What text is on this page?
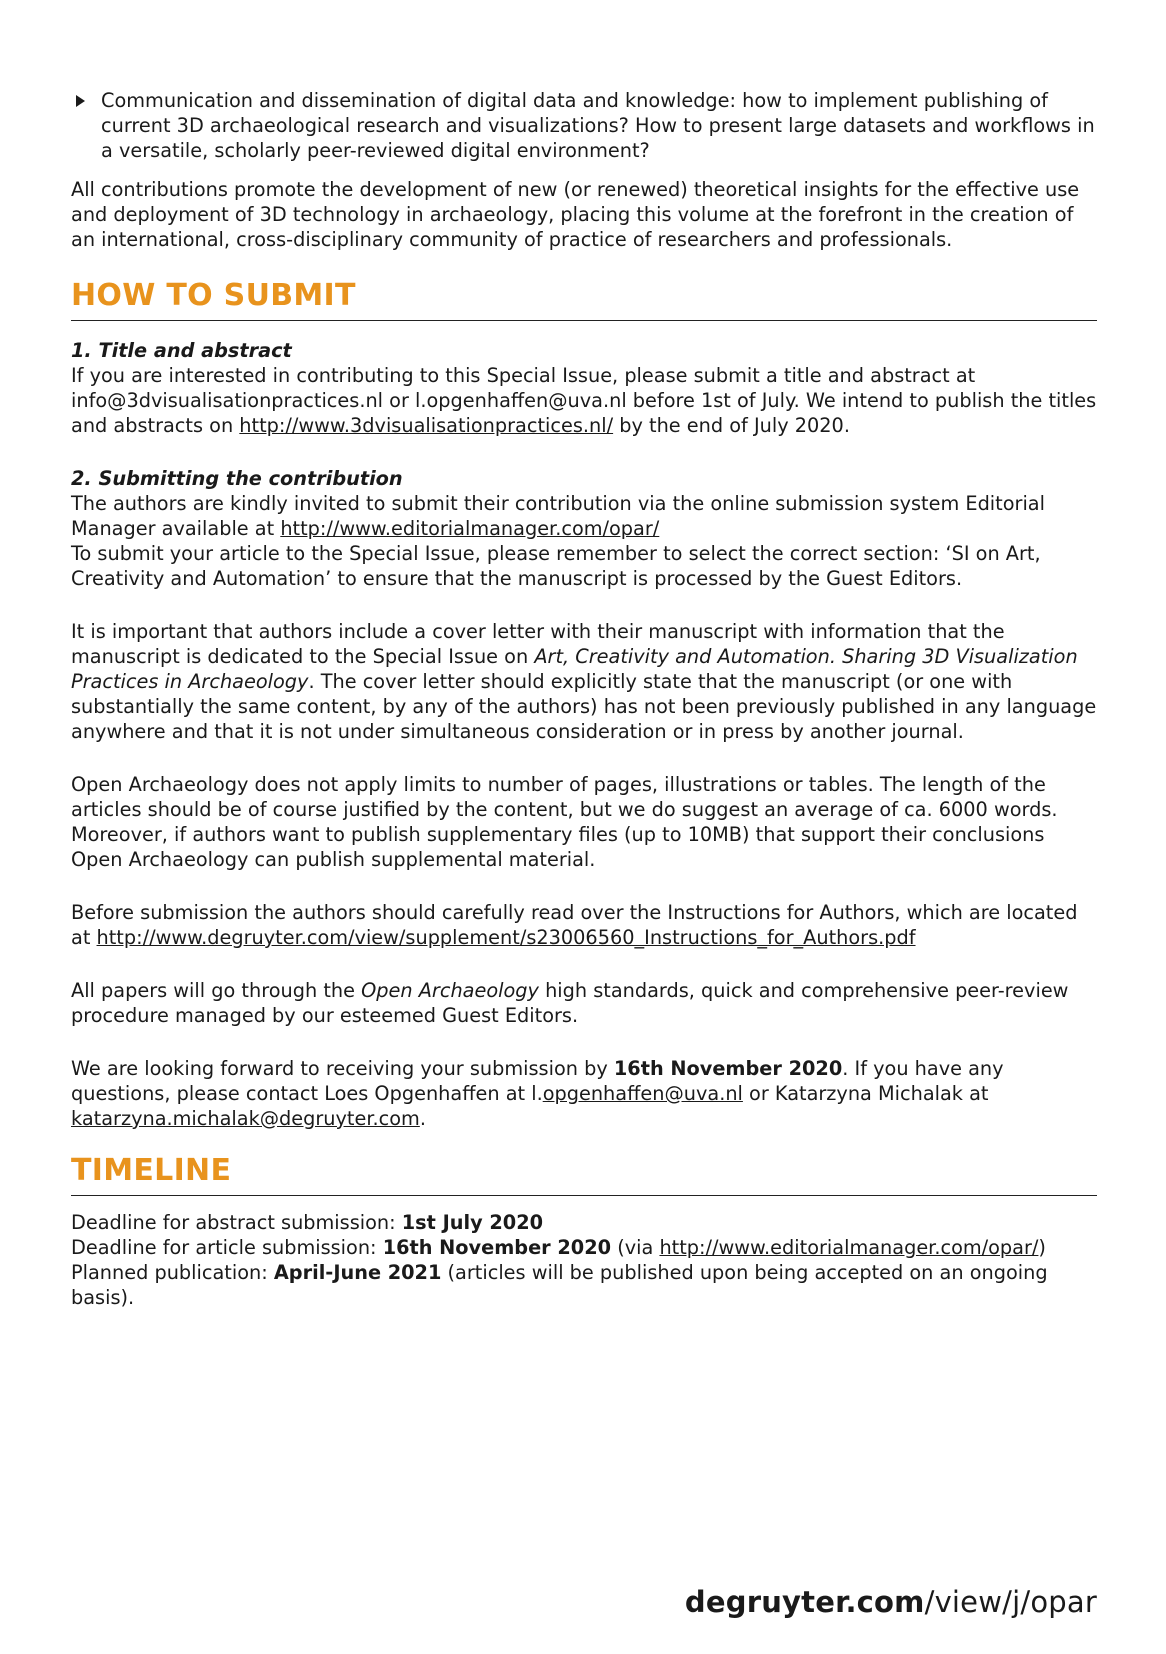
Communication and dissemination of digital data and knowledge: how to implement publishing of current 3D archaeological research and visualizations? How to present large datasets and workflows in a versatile, scholarly peer-reviewed digital environment?

All contributions promote the development of new (or renewed) theoretical insights for the effective use and deployment of 3D technology in archaeology, placing this volume at the forefront in the creation of an international, cross-disciplinary community of practice of researchers and professionals.

HOW TO SUBMIT

1. Title and abstract

If you are interested in contributing to this Special Issue, please submit a title and abstract at info@3dvisualisationpractices.nl or l.opgenhaffen@uva.nl before 1st of July. We intend to publish the titles and abstracts on http://www.3dvisualisationpractices.nl/ by the end of July 2020.

2. Submitting the contribution

The authors are kindly invited to submit their contribution via the online submission system Editorial Manager available at http://www.editorialmanager.com/opar/

To submit your article to the Special Issue, please remember to select the correct section: ‘SI on Art, Creativity and Automation’ to ensure that the manuscript is processed by the Guest Editors.

It is important that authors include a cover letter with their manuscript with information that the manuscript is dedicated to the Special Issue on Art, Creativity and Automation. Sharing 3D Visualization Practices in Archaeology. The cover letter should explicitly state that the manuscript (or one with substantially the same content, by any of the authors) has not been previously published in any language anywhere and that it is not under simultaneous consideration or in press by another journal.

Open Archaeology does not apply limits to number of pages, illustrations or tables. The length of the articles should be of course justified by the content, but we do suggest an average of ca. 6000 words. Moreover, if authors want to publish supplementary files (up to 10MB) that support their conclusions Open Archaeology can publish supplemental material.

Before submission the authors should carefully read over the Instructions for Authors, which are located at http://www.degruyter.com/view/supplement/s23006560_Instructions_for_Authors.pdf

All papers will go through the Open Archaeology high standards, quick and comprehensive peer-review procedure managed by our esteemed Guest Editors.

We are looking forward to receiving your submission by 16th November 2020. If you have any questions, please contact Loes Opgenhaffen at l.opgenhaffen@uva.nl or Katarzyna Michalak at katarzyna.michalak@degruyter.com.

TIMELINE

Deadline for abstract submission: 1st July 2020

Deadline for article submission: 16th November 2020 (via http://www.editorialmanager.com/opar/)

Planned publication: April-June 2021 (articles will be published upon being accepted on an ongoing basis).

degruyter.com/view/j/opar
